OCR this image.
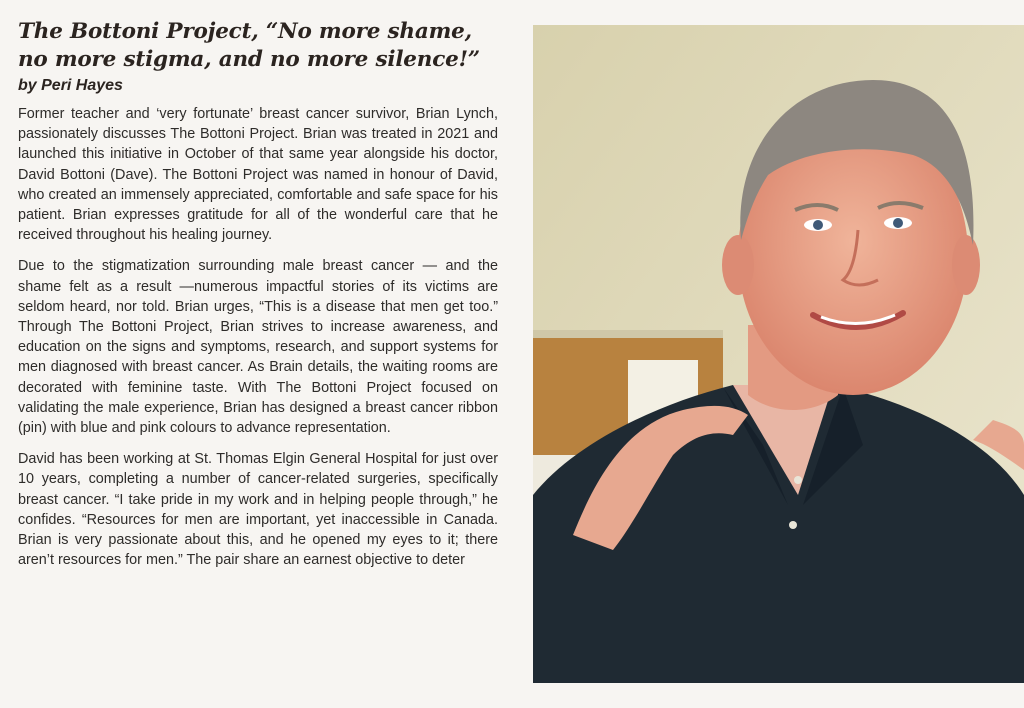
The Bottoni Project, “No more shame,
no more stigma, and no more silence!”
by Peri Hayes

Former teacher and ‘very fortunate’ breast cancer survivor, Brian Lynch, passionately discusses The Bottoni Project. Brian was treated in 2021 and launched this initiative in October of that same year alongside his doctor, David Bottoni (Dave). The Bottoni Project was named in honour of David, who created an immensely appreciated, comfortable and safe space for his patient. Brian expresses gratitude for all of the wonderful care that he received throughout his healing journey.

Due to the stigmatization surrounding male breast cancer — and the shame felt as a result —numerous impactful stories of its victims are seldom heard, nor told. Brian urges, “This is a disease that men get too.” Through The Bottoni Project, Brian strives to increase awareness, and education on the signs and symptoms, research, and support systems for men diagnosed with breast cancer. As Brain details, the waiting rooms are decorated with feminine taste. With The Bottoni Project focused on validating the male experience, Brian has designed a breast cancer ribbon (pin) with blue and pink colours to advance representation.

David has been working at St. Thomas Elgin General Hospital for just over 10 years, completing a number of cancer-related surgeries, specifically breast cancer. “I take pride in my work and in helping people through,” he confides. “Resources for men are important, yet inaccessible in Canada. Brian is very passionate about this, and he opened my eyes to it; there aren’t resources for men.” The pair share an earnest objective to deter
